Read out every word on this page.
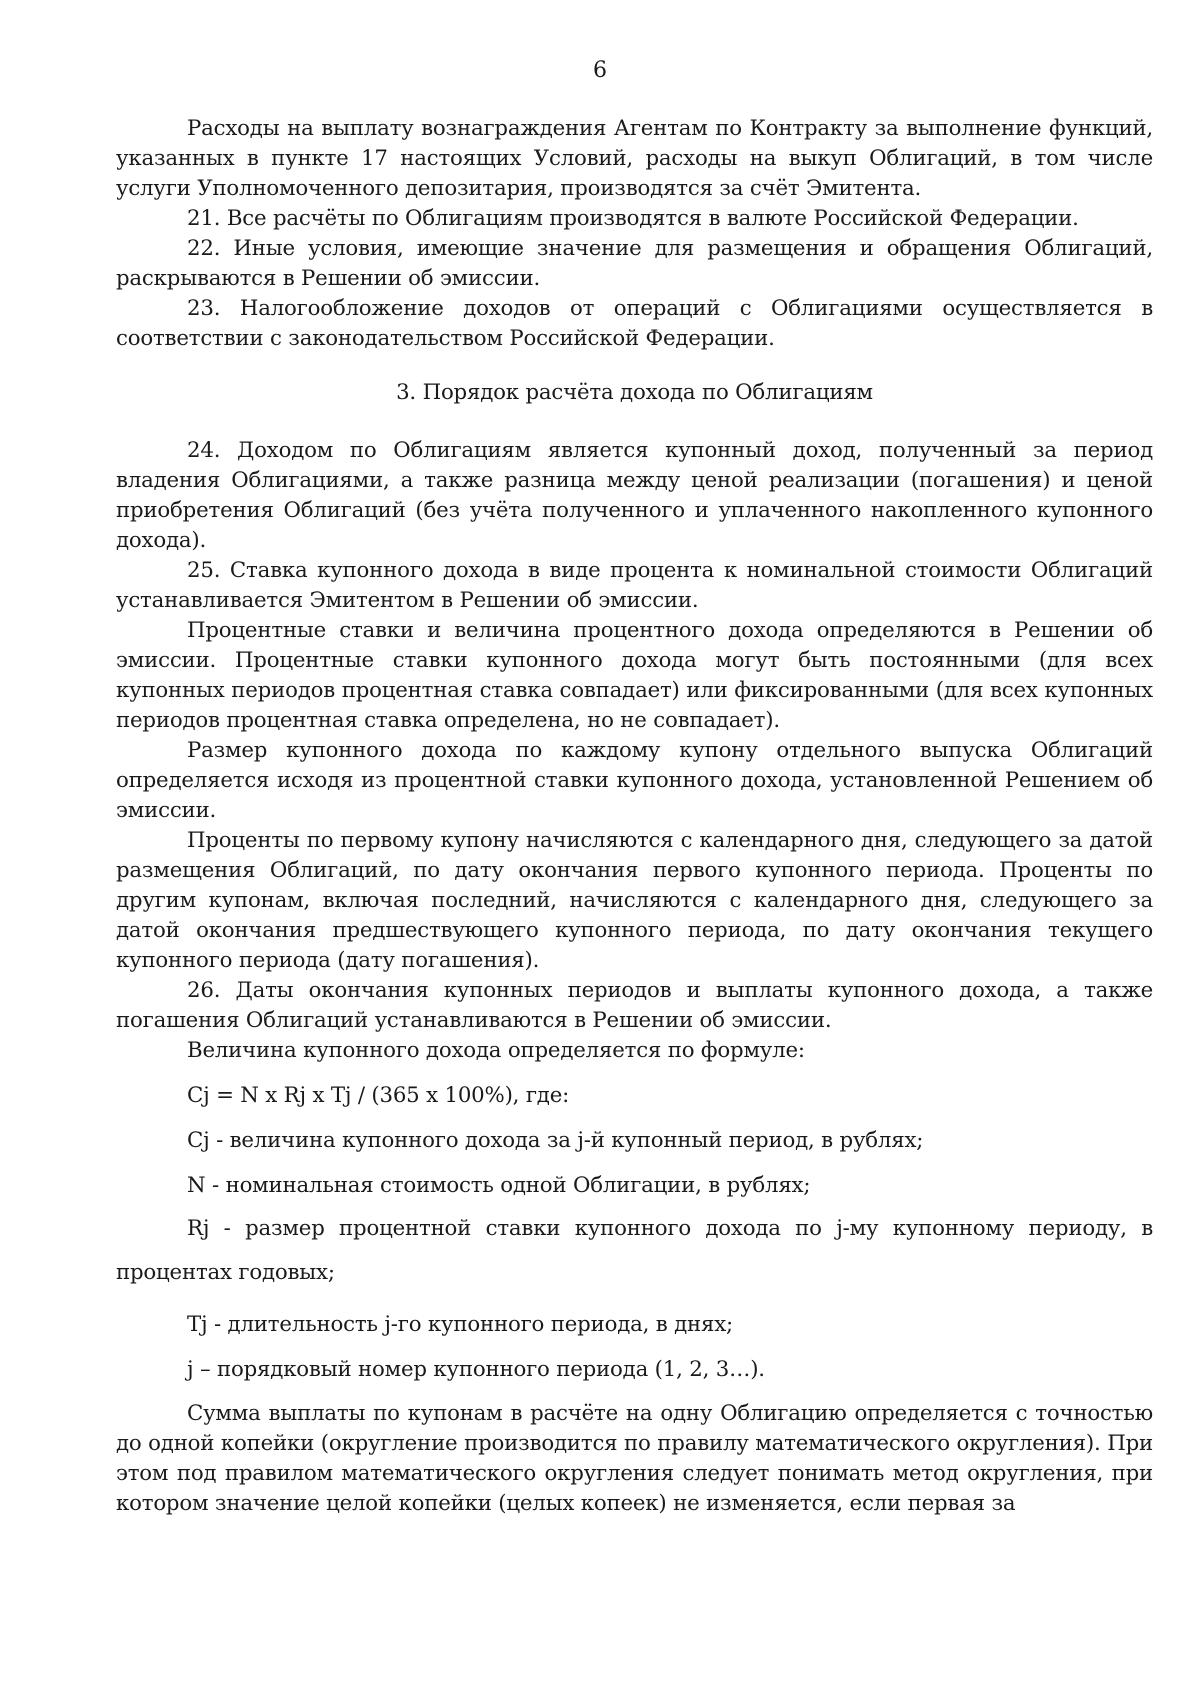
6

Расходы на выплату вознаграждения Агентам по Контракту за выполнение функций, указанных в пункте 17 настоящих Условий, расходы на выкуп Облигаций, в том числе услуги Уполномоченного депозитария, производятся за счёт Эмитента.

21. Все расчёты по Облигациям производятся в валюте Российской Федерации.

22. Иные условия, имеющие значение для размещения и обращения Облигаций, раскрываются в Решении об эмиссии.

23. Налогообложение доходов от операций с Облигациями осуществляется в соответствии с законодательством Российской Федерации.

3. Порядок расчёта дохода по Облигациям

24. Доходом по Облигациям является купонный доход, полученный за период владения Облигациями, а также разница между ценой реализации (погашения) и ценой приобретения Облигаций (без учёта полученного и уплаченного накопленного купонного дохода).

25. Ставка купонного дохода в виде процента к номинальной стоимости Облигаций устанавливается Эмитентом в Решении об эмиссии.

Процентные ставки и величина процентного дохода определяются в Решении об эмиссии. Процентные ставки купонного дохода могут быть постоянными (для всех купонных периодов процентная ставка совпадает) или фиксированными (для всех купонных периодов процентная ставка определена, но не совпадает).

Размер купонного дохода по каждому купону отдельного выпуска Облигаций определяется исходя из процентной ставки купонного дохода, установленной Решением об эмиссии.

Проценты по первому купону начисляются с календарного дня, следующего за датой размещения Облигаций, по дату окончания первого купонного периода. Проценты по другим купонам, включая последний, начисляются с календарного дня, следующего за датой окончания предшествующего купонного периода, по дату окончания текущего купонного периода (дату погашения).

26. Даты окончания купонных периодов и выплаты купонного дохода, а также погашения Облигаций устанавливаются в Решении об эмиссии.

Величина купонного дохода определяется по формуле:

Cj = N x Rj x Tj / (365 x 100%), где:

Cj - величина купонного дохода за j-й купонный период, в рублях;

N - номинальная стоимость одной Облигации, в рублях;

Rj - размер процентной ставки купонного дохода по j-му купонному периоду, в процентах годовых;

Tj - длительность j-го купонного периода, в днях;

j – порядковый номер купонного периода (1, 2, 3…).

Сумма выплаты по купонам в расчёте на одну Облигацию определяется с точностью до одной копейки (округление производится по правилу математического округления). При этом под правилом математического округления следует понимать метод округления, при котором значение целой копейки (целых копеек) не изменяется, если первая за
